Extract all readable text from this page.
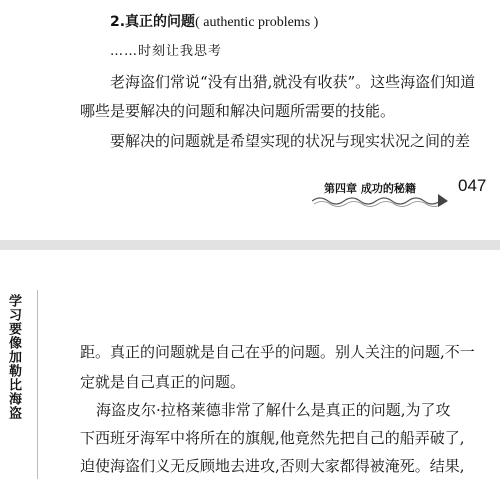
2.真正的问题( authentic problems )
……时刻让我思考
老海盗们常说“没有出猎,就没有收获”。这些海盗们知道
哪些是要解决的问题和解决问题所需要的技能。
要解决的问题就是希望实现的状况与现实状况之间的差
第四章 成功的秘籍 047
学习要像加勒比海盗	距。真正的问题就是自己在乎的问题。别人关注的问题,不一
定就是自己真正的问题。
海盗皮尔·拉格莱德非常了解什么是真正的问题,为了攻
下西班牙海军中将所在的旗舰,他竟然先把自己的船弄破了,
迫使海盗们义无反顾地去进攻,否则大家都得被淹死。结果,
